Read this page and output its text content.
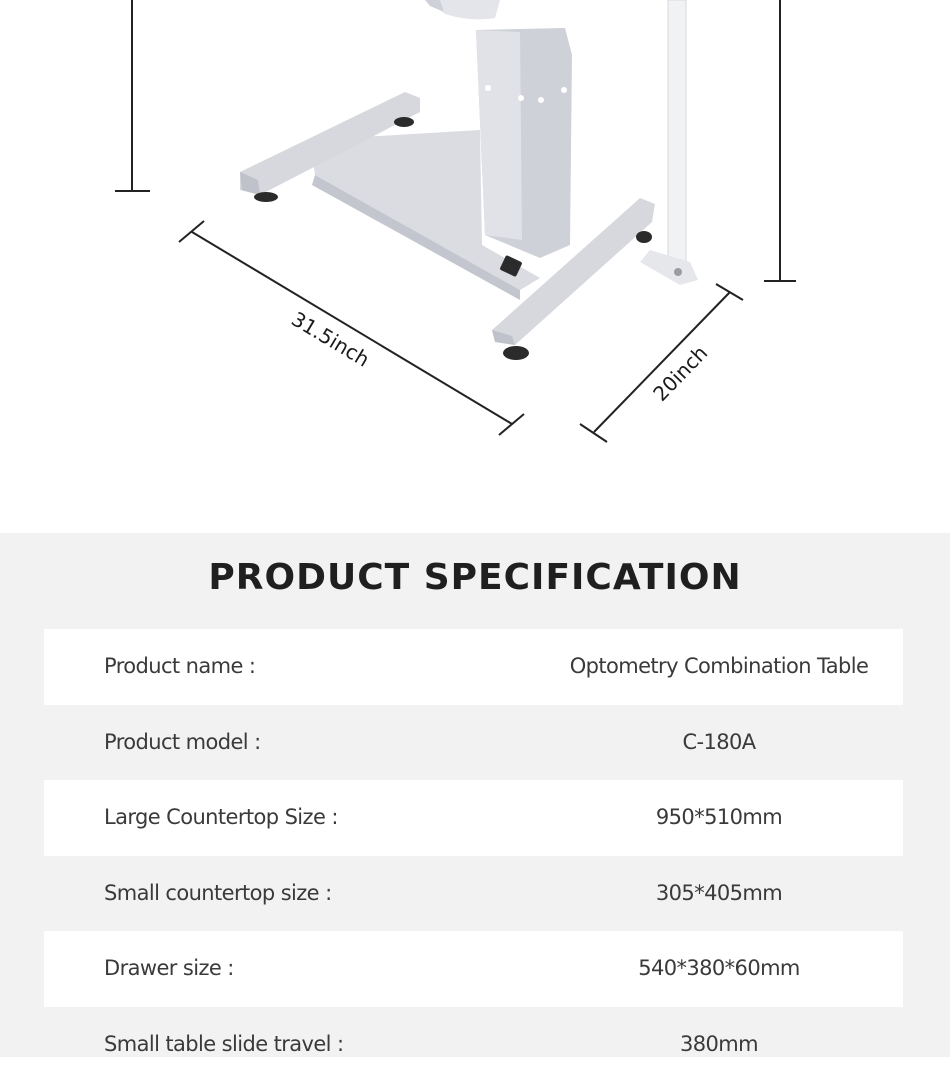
31.5inch
20inch
PRODUCT SPECIFICATION
Product name :	Optometry Combination Table
Product model :	C-180A
Large Countertop Size :	950*510mm
Small countertop size :	305*405mm
Drawer size :	540*380*60mm
Small table slide travel :	380mm
